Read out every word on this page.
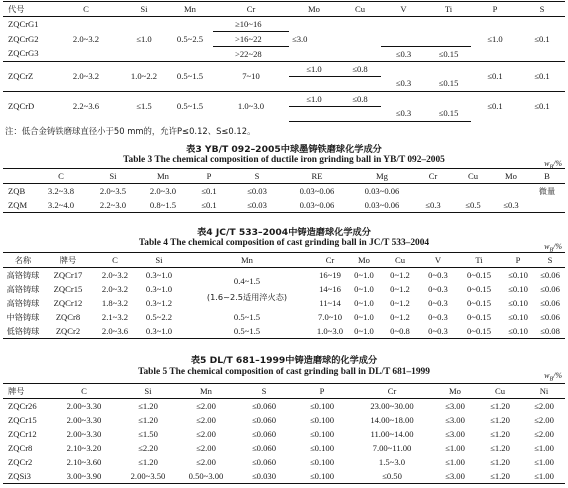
代号	C	Si	Mn	Cr	Mo	Cu	V	Ti	P	S
ZQCrG1	2.0~3.2	≤1.0	0.5~2.5	≥10~16	≤3.0				≤1.0	≤0.1
ZQCrG2				>16~22						
ZQCrG3				>22~28			≤0.3	≤0.15		
ZQCrZ	2.0~3.2	1.0~2.2	0.5~1.5	7~10	≤1.0	≤0.8			≤0.1	≤0.1
							≤0.3	≤0.15		
ZQCrD	2.2~3.6	≤1.5	0.5~1.5	1.0~3.0	≤1.0	≤0.8			≤0.1	≤0.1
							≤0.3	≤0.15		
注：低合金铸铁磨球直径小于50 mm的，允许P≤0.12、S≤0.12。
表3 YB/T 092–2005中球墨铸铁磨球化学成分
Table 3 The chemical composition of ductile iron grinding ball in YB/T 092–2005	$w_B/\%$
	C	Si	Mn	P	S	RE	Mg	Cr	Cu	Mo	B
ZQB	3.2~3.8	2.0~3.5	2.0~3.0	≤0.1	≤0.03	0.03~0.06	0.03~0.06				微量
ZQM	3.2~4.0	2.2~3.0	0.8~1.5	≤0.1	≤0.03	0.03~0.06	0.03~0.06	≤0.3	≤0.5	≤0.3	
表4 JC/T 533–2004中铸造磨球化学成分
Table 4 The chemical composition of cast grinding ball in JC/T 533–2004	$w_B/\%$
名称	牌号	C	Si	Mn	Cr	Mo	Cu	V	Ti	P	S
高铬铸球	ZQCr17	2.0~3.2	0.3~1.0	0.4~1.5
(1.6~2.5适用淬火态)	16~19	0~1.0	0~1.2	0~0.3	0~0.15	≤0.10	≤0.06
高铬铸球	ZQCr15	2.0~3.2	0.3~1.0		14~16	0~1.0	0~1.2	0~0.3	0~0.15	≤0.10	≤0.06
高铬铸球	ZQCr12	1.8~3.2	0.3~1.2		11~14	0~1.0	0~1.2	0~0.3	0~0.15	≤0.10	≤0.06
中铬铸球	ZQCr8	2.1~3.2	0.5~2.2	0.5~1.5	7.0~10	0~1.0	0~1.2	0~0.3	0~0.15	≤0.10	≤0.06
低铬铸球	ZQCr2	2.0~3.6	0.3~1.0	0.5~1.5	1.0~3.0	0~1.0	0~0.8	0~0.3	0~0.15	≤0.10	≤0.08
表5 DL/T 681–1999中铸造磨球的化学成分
Table 5 The chemical composition of cast grinding ball in DL/T 681–1999	$w_B/\%$
牌号	C	Si	Mn	S	P	Cr	Mo	Cu	Ni
ZQCr26	2.00~3.30	≤1.20	≤2.00	≤0.060	≤0.100	23.00~30.00	≤3.00	≤1.20	≤2.00
ZQCr15	2.00~3.30	≤1.20	≤2.00	≤0.060	≤0.100	14.00~18.00	≤3.00	≤1.20	≤2.00
ZQCr12	2.00~3.30	≤1.50	≤2.00	≤0.060	≤0.100	11.00~14.00	≤3.00	≤1.20	≤2.00
ZQCr8	2.10~3.20	≤2.20	≤2.00	≤0.060	≤0.100	7.00~11.00	≤1.00	≤1.20	≤1.00
ZQCr2	2.10~3.60	≤1.20	≤2.00	≤0.060	≤0.100	1.5~3.0	≤1.00	≤1.20	≤1.00
ZQSi3	3.00~3.90	2.00~3.50	0.50~3.00	≤0.030	≤0.100	≤0.50	≤3.00	≤1.20	≤1.00
